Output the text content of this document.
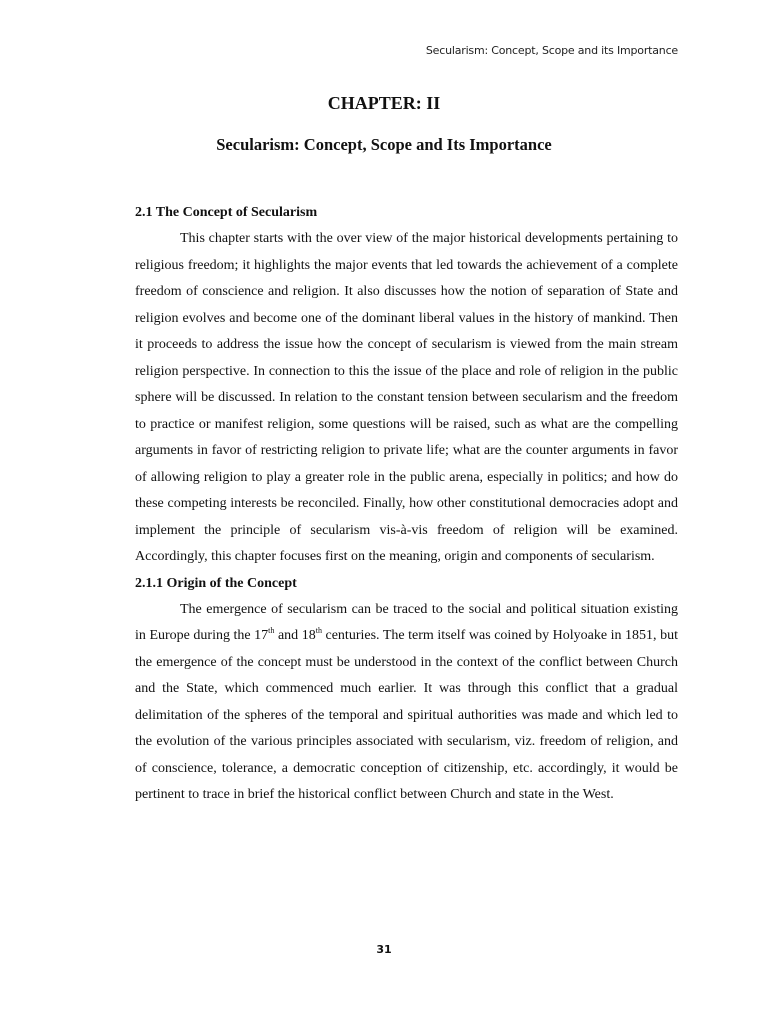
Secularism: Concept, Scope and its Importance
CHAPTER: II
Secularism: Concept, Scope and Its Importance

2.1 The Concept of Secularism

This chapter starts with the over view of the major historical developments pertaining to religious freedom; it highlights the major events that led towards the achievement of a complete freedom of conscience and religion. It also discusses how the notion of separation of State and religion evolves and become one of the dominant liberal values in the history of mankind. Then it proceeds to address the issue how the concept of secularism is viewed from the main stream religion perspective. In connection to this the issue of the place and role of religion in the public sphere will be discussed. In relation to the constant tension between secularism and the freedom to practice or manifest religion, some questions will be raised, such as what are the compelling arguments in favor of restricting religion to private life; what are the counter arguments in favor of allowing religion to play a greater role in the public arena, especially in politics; and how do these competing interests be reconciled. Finally, how other constitutional democracies adopt and implement the principle of secularism vis-à-vis freedom of religion will be examined. Accordingly, this chapter focuses first on the meaning, origin and components of secularism.

2.1.1 Origin of the Concept

The emergence of secularism can be traced to the social and political situation existing in Europe during the 17th and 18th centuries. The term itself was coined by Holyoake in 1851, but the emergence of the concept must be understood in the context of the conflict between Church and the State, which commenced much earlier. It was through this conflict that a gradual delimitation of the spheres of the temporal and spiritual authorities was made and which led to the evolution of the various principles associated with secularism, viz. freedom of religion, and of conscience, tolerance, a democratic conception of citizenship, etc. accordingly, it would be pertinent to trace in brief the historical conflict between Church and state in the West.

31
